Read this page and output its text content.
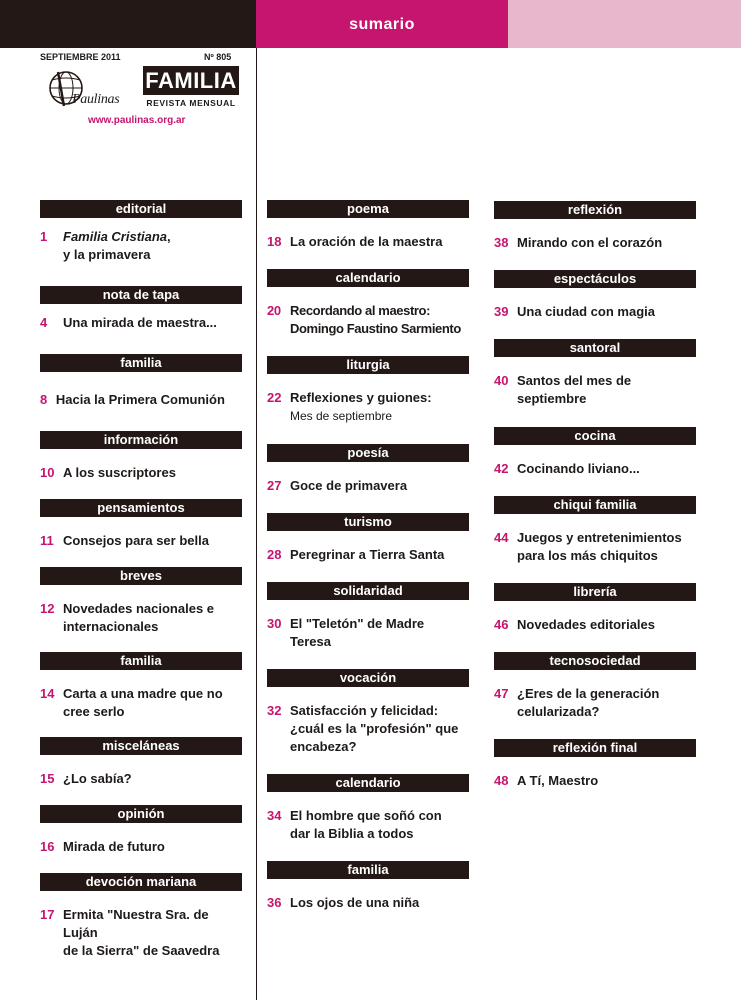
sumario
SEPTIEMBRE 2011	Nº 805
Paulinas
FAMILIA
REVISTA MENSUAL
www.paulinas.org.ar
editorial
1 Familia Cristiana,
y la primavera
nota de tapa
4 Una mirada de maestra...
familia
8 Hacia la Primera Comunión
información
10 A los suscriptores
pensamientos
11 Consejos para ser bella
breves
12 Novedades nacionales e
internacionales
familia
14 Carta a una madre que no
cree serlo
misceláneas
15 ¿Lo sabía?
opinión
16 Mirada de futuro
devoción mariana
17 Ermita "Nuestra Sra. de Luján
de la Sierra" de Saavedra
poema
18 La oración de la maestra
calendario
20 Recordando al maestro:
Domingo Faustino Sarmiento
liturgia
22 Reflexiones y guiones:
Mes de septiembre
poesía
27 Goce de primavera
turismo
28 Peregrinar a Tierra Santa
solidaridad
30 El "Teletón" de Madre
Teresa
vocación
32 Satisfacción y felicidad:
¿cuál es la "profesión" que
encabeza?
calendario
34 El hombre que soñó con
dar la Biblia a todos
familia
36 Los ojos de una niña
reflexión
38 Mirando con el corazón
espectáculos
39 Una ciudad con magia
santoral
40 Santos del mes de
septiembre
cocina
42 Cocinando liviano...
chiqui familia
44 Juegos y entretenimientos
para los más chiquitos
librería
46 Novedades editoriales
tecnosociedad
47 ¿Eres de la generación
celularizada?
reflexión final
48 A Tí, Maestro
